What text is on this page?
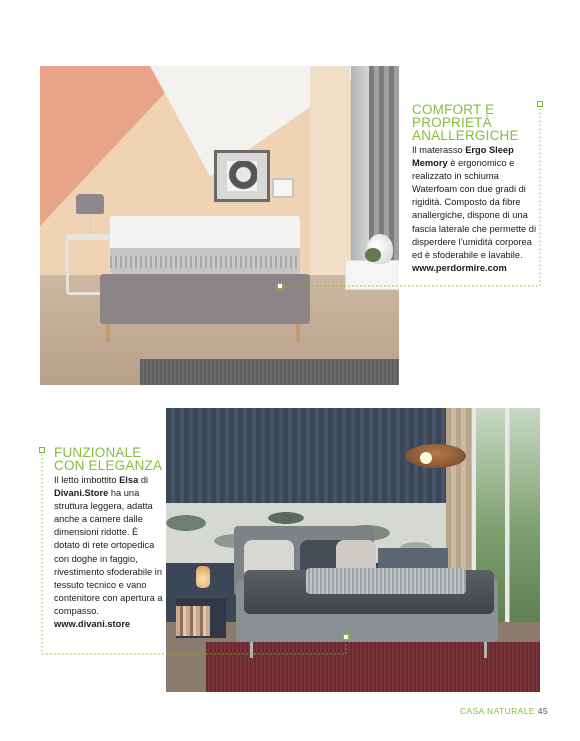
COMFORT E
PROPRIETÀ
ANALLERGICHE

Il materasso Ergo Sleep Memory è ergonomico e realizzato in schiuma Waterfoam con due gradi di rigidità. Composto da fibre anallergiche, dispone di una fascia laterale che permette di disperdere l’umidità corporea ed è sfoderabile e lavabile. www.perdormire.com

FUNZIONALE
CON ELEGANZA

Il letto imbottito Elsa di Divani.Store ha una struttura leggera, adatta anche a camere dalle dimensioni ridotte. È dotato di rete ortopedica con doghe in faggio, rivestimento sfoderabile in tessuto tecnico e vano contenitore con apertura a compasso. www.divani.store

CASA NATURALE 45
